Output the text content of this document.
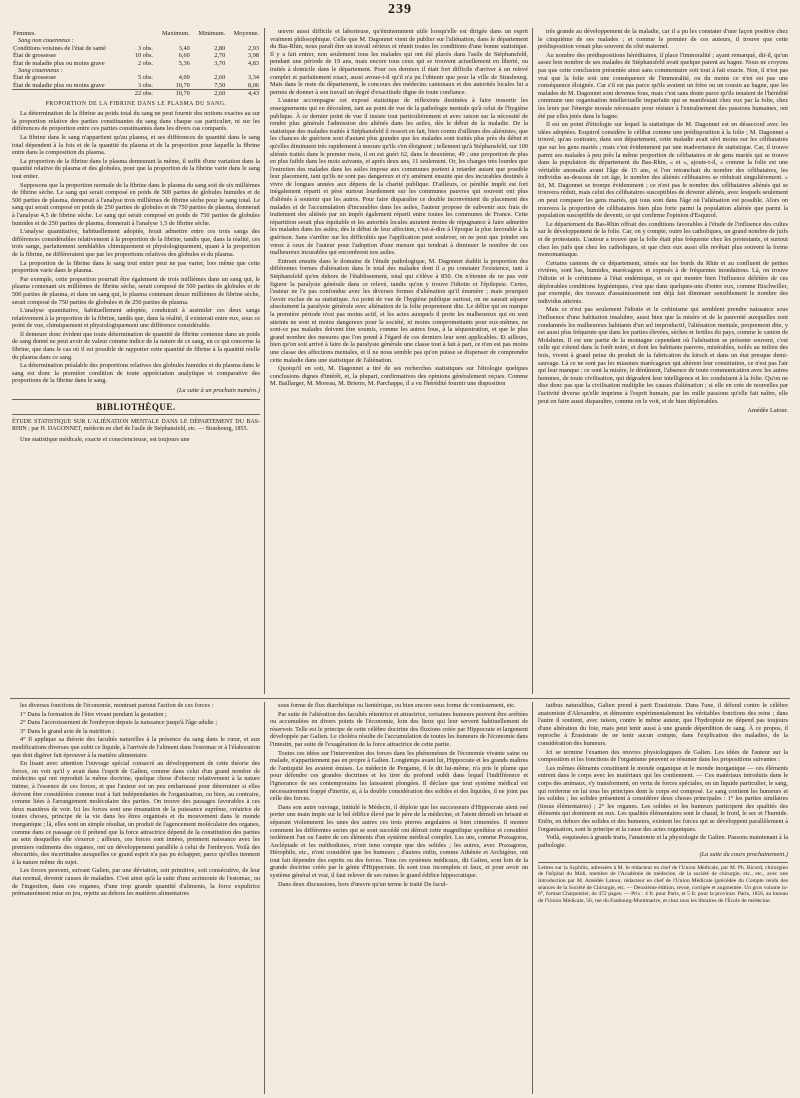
239
Femmes.		Maximum.	Minimum.	Moyenne.
Sang non couenneux :				
Conditions voisines de l'état de santé	3 obs.	3,40	2,80	2,93
État de grossesse	10 obs.	6,60	2,70	3,98
État de maladie plus ou moins grave	2 obs.	5,36	3,70	4,83
Sang couenneux :				
État de grossesse	5 obs.	4,00	2,60	3,34
État de maladie plus ou moins grave	3 obs.	10,70	7,50	8,06
	22 obs.	10,70	2,60	4,43
PROPORTION DE LA FIBRINE DANS LE PLASMA DU SANG.

La détermination de la fibrine au poids total du sang ne peut fournir des notions exactes au sur la proportion relative des parties constituantes du sang dans chaque cas particulier, ni sur les différences de proportion entre ces parties constituantes dans les divers cas comparés.

La fibrine dans le sang n'appartient qu'au plasma, et ses différences de quantité dans le sang total dépendent à la fois et de la quantité du plasma et de la proportion pour laquelle la fibrine entre dans la composition du plasma.

La proportion de la fibrine dans le plasma demeurant la même, il suffit d'une variation dans la quantité relative du plasma et des globules, pour que la proportion de la fibrine varie dans le sang tout entier.

Supposons que la proportion normale de la fibrine dans le plasma du sang soit de six millièmes de fibrine sèche. Le sang qui serait composé en poids de 500 parties de globules humides et de 500 parties de plasma, donnerait à l'analyse trois millièmes de fibrine sèche pour le sang total. Le sang qui serait composé en poids de 250 parties de globules et de 750 parties de plasma, donnerait à l'analyse 4,5 de fibrine sèche. Le sang qui serait composé en poids de 750 parties de globules humides et de 250 parties de plasma, donnerait à l'analyse 1,5 de fibrine sèche.

L'analyse quantitative, habituellement adoptée, ferait admettre entre ces trois sangs des différences considérables relativement à la proportion de la fibrine, tandis que, dans la réalité, ces trois sangs, parfaitement semblables chimiquement et physiologiquement, quant à la proportion de la fibrine, ne différeraient que par les proportions relatives des globules et du plasma.

La proportion de la fibrine dans le sang tout entier peut ne pas varier, lors même que cette proportion varie dans le plasma.

Par exemple, cette proportion pourrait être également de trois millièmes dans un sang qui, le plasma contenant six millièmes de fibrine sèche, serait composé de 500 parties de globules et de 500 parties de plasma, et dans un sang qui, le plasma contenant douze millièmes de fibrine sèche, serait composé de 750 parties de globules et de 250 parties de plasma.

L'analyse quantitative, habituellement adoptée, conduirait à assimiler ces deux sangs relativement à la proportion de la fibrine, tandis que, dans la réalité, il existerait entre eux, sous ce point de vue, chimiquement et physiologiquement une différence considérable.

Il demeure donc évident que toute détermination de quantité de fibrine contenue dans un poids de sang donné ne peut avoir de valeur comme indice de la nature de ce sang, en ce qui concerne la fibrine, que dans le cas où il est possible de rapporter cette quantité de fibrine à la quantité réelle du plasma dans ce sang.

La détermination préalable des proportions relatives des globules humides et du plasma dans le sang est donc la première condition de toute appréciation analytique et comparative des proportions de la fibrine dans le sang.

(La suite à un prochain numéro.)
BIBLIOTHÈQUE.
ÉTUDE STATISTIQUE SUR L'ALIÉNATION MENTALE DANS LE DÉPARTEMENT DU BAS-RHIN ; par H. DAGONNET, médecin en chef de l'asile de Stéphansfeld, etc. — Strasbourg, 1855.

Une statistique médicale, exacte et consciencieuse, est toujours une

œuvre aussi difficile et laborieuse, qu'éminemment utile lorsqu'elle est dirigée dans un esprit vraiment philosophique. Celle que M. Dagonnet vient de publier sur l'aliénation, dans le département du Bas-Rhin, nous paraît être un travail sérieux et réunit toutes les conditions d'une bonne statistique. Il y a fait entrer, non seulement tous les malades qui ont été placés dans l'asile de Stéphansfeld, pendant une période de 19 ans, mais encore tous ceux qui se trouvent actuellement en liberté, ou traités à domicile dans le département. Pour ces derniers il était fort difficile d'arriver à un relevé complet et parfaitement exact, aussi avoue-t-il qu'il n'a pu l'obtenir que pour la ville de Strasbourg. Mais dans le reste du département, le concours des médecins cantonaux et des autorités locales lui a permis de donner à son travail un degré d'exactitude digne de toute confiance.

L'auteur accompagne cet exposé statistique de réflexions destinées à faire ressortir les enseignements qui en découlent, tant au point de vue de la pathologie mentale qu'à celui de l'hygiène publique. À ce dernier point de vue il insiste tout particulièrement et avec raison sur la nécessité de rendre plus générale l'admission des aliénés dans les asiles, dès le début de la maladie. De la statistique des malades traités à Stéphansfeld il ressort en fait, bien connu d'ailleurs des aliénistes, que les chances de guérison sont d'autant plus grandes que les malades sont traités plus près du début et qu'elles diminuent très rapidement à mesure qu'ils s'en éloignent ; tellement qu'à Stéphansfeld, sur 100 aliénés traités dans le premier mois, il en est guéri 62, dans le deuxième, 49 ; une proportion de plus en plus faible dans les mois suivants, et après deux ans, 11 seulement. Or, les charges très lourdes que l'entretien des malades dans les asiles impose aux communes portent à retarder autant que possible leur placement, tant qu'ils ne sont pas dangereux et n'y amènent ensuite que des incurables destinés à vivre de longues années aux dépens de la charité publique. D'ailleurs, ce pénible impôt est fort inégalement réparti et pèse surtout lourdement sur les communes pauvres qui souvent ont plus d'aliénés à soutenir que les autres. Pour faire disparaître ce double inconvénient du placement des malades et de l'accumulation d'incurables dans les asiles, l'auteur propose de subvenir aux frais de traitement des aliénés par un impôt également réparti entre toutes les communes de France. Cette répartition serait plus équitable et les autorités locales auraient moins de répugnance à faire admettre les malades dans les asiles, dès le début de leur affection, c'est-à-dire à l'époque la plus favorable à la guérison. Sans s'arrêter sur les difficultés que l'application peut soulever, on ne peut que joindre ses vœux à ceux de l'auteur pour l'adoption d'une mesure qui tendrait à diminuer le nombre de ces malheureux incurables qui encombrent nos asiles.

Entrant ensuite dans le domaine de l'étude pathologique, M. Dagonnet établit la proportion des différentes formes d'aliénation dans le total des malades dont il a pu constater l'existence, tant à Stéphansfeld qu'en dehors de l'établissement, total qui s'élève à 850. On n'étonne de ne pas voir figurer la paralysie générale dans ce relevé, tandis qu'on y trouve l'idiotie et l'épilepsie. Certes, l'auteur ne l'a pas confondue avec les diverses formes d'aliénation qu'il énumère ; mais pourquoi l'avoir exclue de sa statistique. Au point de vue de l'hygiène publique surtout, on ne saurait séparer absolument la paralysie générale avec aliénation de la folie proprement dite. Le délire qui en marque la première période n'est pas moins actif, et les actes auxquels il porte les malheureux qui en sont atteints ne sont ni moins dangereux pour la société, ni moins compromettants pour eux-mêmes, ne sont-ce pas malades doivent être soumis, comme les autres fous, à la séquestration, et que le plus grand nombre des mesures que l'on prend à l'égard de ces derniers leur sont applicables. Et ailleurs, bien qu'on soit arrivé à faire de la paralysie générale une classe tout à fait à part, ce n'en est pas moins une classe des affections mentales, et il ne nous semble pas qu'on puisse se dispenser de comprendre cette maladie dans une statistique de l'aliénation.

Quoiqu'il en soit, M. Dagonnet a tiré de ses recherches statistiques sur l'étiologie quelques conclusions dignes d'intérêt, et, la plupart, confirmatives des opinions généralement reçues. Comme M. Baillarger, M. Moreau, M. Brierre, M. Parchappe, il a vu l'hérédité fournir une disposition

très grande au développement de la maladie, car il a pu les constater d'une façon positive chez le cinquième de ses malades ; et comme le premier de ces auteurs, il trouve que cette prédisposition venait plus souvent du côté maternel.

Au nombre des prédispositions héréditaires, il place l'immoralité ; ayant remarqué, dit-il, qu'un assez bon nombre de ses malades de Stéphansfeld avait quelque parent au bagne. Nous ne croyons pas que cette conclusion présentée ainsi sans commentaire soit tout à fait exacte. Non, il n'est pas vrai que la folie soit une conséquence de l'immoralité, ou du moins ce n'en est pas une conséquence éloignée. Car s'il est pas parce qu'ils avaient un frère ou un cousin au bagne, que les malades de M. Dagonnet sont devenus fous, mais c'est sans doute parce qu'ils tenaient de l'hérédité commune une organisation intellectuelle imparfaite qui se manifestait chez eux par la folie, chez les leurs par l'énergie morale nécessaire pour résister à l'entraînement des passions humaines, ont été par elles jetés dans le bagne.

Il est un point d'étiologie sur lequel la statistique de M. Dagonnet est en désaccord avec les idées adoptées. Esquirol considère le célibat comme une prédisposition à la folie ; M. Dagonnet a trouvé, qu'au contraire, dans son département, cette maladie avait sévi moins sur les célibataires que sur les gens mariés ; mais c'est évidemment par une inadvertance de statistique. Car, il trouve parmi ses malades à peu près la même proportion de célibataires et de gens mariés qui se trouve dans la population du département du Bas-Rhin, « et », ajoute-t-il, « comme la folie est une véritable anomalie avant l'âge de 15 ans, si l'on retranchait du nombre des célibataires, les individus au-dessous de cet âge, le nombre des aliénés célibataires se réduirait singulièrement. » Ici, M. Dagonnet se trompe évidemment ; ce n'est pas le nombre des célibataires aliénés qui se trouvera réduit, mais celui des célibataires susceptibles de devenir aliénés, avec lesquels seulement on peut comparer les gens mariés, qui tous sont dans l'âge où l'aliénation est possible. Alors on trouvera la proportion de célibataires bien plus forte parmi la population aliénée que parmi la population susceptible de devenir, ce qui confirme l'opinion d'Esquirol.

Le département du Bas-Rhin offrait des conditions favorables à l'étude de l'influence des cultes sur le développement de la folie. Car, on y compte, outre les catholiques, un grand nombre de juifs et de protestants. L'auteur a trouvé que la folie était plus fréquente chez les protestants, et surtout chez les juifs que chez les catholiques, et que chez eux aussi elle revêtait plus souvent la forme monomaniaque.

Certains cantons de ce département, situés sur les bords du Rhin et au confluent de petites rivières, sont bas, humides, marécageux et exposés à de fréquentes inondations. Là, on trouve l'idiotie et le crétinisme à l'état endémique, et ce qui montre bien l'influence délétère de ces déplorables conditions hygiéniques, c'est que dans quelques-uns d'entre eux, comme Bischwiller, par exemple, des travaux d'assainissement ont déjà fait diminuer sensiblement le nombre des individus atteints.

Mais ce n'est pas seulement l'idiotie et le crétinisme qui semblent prendre naissance sous l'influence d'une habitation insalubre, aussi bien que la misère et de la pauvreté auxquelles sont condamnés les malheureux habitants d'un sol improductif, l'aliénation mentale, proprement dite, y est aussi plus fréquente que dans les parties élevées, sèches et fertiles du pays, comme le canton de Molsheim. Il est une partie de la montagne cependant où l'aliénation se présente souvent, c'est celle qui s'étend dans la forêt noire, et dont les habitants pauvres, misérables, isolés au milieu des bois, vivent à grand peine du produit de la fabrication du kirsch et dans un état presque demi-sauvage. Là ce ne sont pas les miasmes marécageux qui altèrent leur constitution, ce n'est pas l'air qui leur manque : ce sont la misère, le dénûment, l'absence de toute communication avec les autres hommes, de toute civilisation, qui dégradent leur intelligence et les conduisent à la folie. Qu'on ne dise donc pas que la civilisation multiplie les causes d'aliénation ; si elle en crée de nouvelles par l'activité diverse qu'elle imprime à l'esprit humain, par les mille passions qu'elle fait naître, elle peut en faire aussi disparaître, comme on le voit, et de bien déplorables.

Amédée Latour.

les diverses fonctions de l'économie, montrant partout l'action de ces forces :

1° Dans la formation de l'être vivant pendant la gestation ;

2° Dans l'accroissement de l'embryon depuis la naissance jusqu'à l'âge adulte ;

3° Dans le grand acte de la nutrition ;

4° Il applique sa théorie des facultés naturelles à la présence du sang dans le cœur, et aux modifications diverses que subit ce liquide, à l'arrivée de l'aliment dans l'estomac et à l'élaboration que doit digérer fait éprouver à la matière alimentaire.

En lisant avec attention l'ouvrage spécial consacré au développement de cette théorie des forces, on voit qu'il y avait dans l'esprit de Galien, comme dans celui d'un grand nombre de médecins qui ont reproduit la même doctrine, quelque chose d'obscur relativement à la nature intime, à l'essence de ces forces, et que l'auteur est un peu embarrassé pour déterminer si elles doivent être considérées comme tout à fait indépendantes de l'organisation, ou bien, au contraire, comme liées à l'arrangement moléculaire des parties. On trouve des passages favorables à ces deux manières de voir. Ici les forces sont une émanation de la puissance suprême, créatrice de toutes choses, principe de la vie dans les êtres organisés et du mouvement dans le monde inorganique ; là, elles sont un simple résultat, un produit de l'agencement moléculaire des organes, comme dans ce passage où il prétend que la force attractrice dépend de la constitution des parties au sein desquelles elle s'exerce ; ailleurs, ces forces sont innées, prennent naissance avec les premiers rudiments des organes, ont un développement parallèle à celui de l'embryon. Voilà des obscurités, des incertitudes auxquelles ce grand esprit n'a pas pu échapper, parce qu'elles tiennent à la nature même du sujet.

Les forces peuvent, suivant Galien, par une déviation, soit primitive, soit consécutive, de leur état normal, devenir causes de maladies. C'est ainsi qu'à la suite d'une acrimonie de l'estomac, ou de l'ingestion, dans ces organes, d'une trop grande quantité d'aliments, la force expultrice prématurément mise en jeu, rejette au dehors les matières alimentaires

sous forme de flux diarrhéique ou lientérique, ou bien encore sous forme de vomissement, etc.

Par suite de l'altération des facultés rétentrice et attractrice, certaines humeurs peuvent être arrêtées ou accumulées en divers points de l'économie, loin des lieux qui leur servent habituellement de réservoir. Telle est le principe de cette célèbre doctrine des fluxions créée par Hippocrate et largement développée par Galien. Le choléra résulte de l'accumulation de toutes les humeurs de l'économie dans l'intestin, par suite de l'exagération de la force attractrice de cette partie.

Toutes ces idées sur l'intervention des forces dans les phénomènes de l'économie vivante saine ou malade, n'appartiennent pas en propre à Galien. Longtemps avant lui, Hippocrate et les grands maîtres de l'antiquité les avaient émises. Le médecin de Pergame, il le dit lui-même, n'a pris le plume que pour défendre ces grandes doctrines et les tirer du profond oubli dans lequel l'indifférence et l'ignorance de ses contemporains les laissaient plongées. Il déclare que tout système médical est nécessairement frappé d'inertie, si, à la double considération des solides et des liquides, il ne joint pas celle des forces.

Dans son autre ouvrage, intitulé le Médecin, il déploie que les successeurs d'Hippocrate aient osé porter une main impie sur le bel édifice élevé par le père de la médecine, et l'aient démoli en brisant et séparant violemment les unes des autres ces trois pierres angulaires si bien cimentées. Il montre comment les différentes sectes qui se sont succédé ont détruit cette magnifique synthèse et considéré isolément l'un ou l'autre de ces éléments d'un système médical complet. Les uns, comme Praxagoras, Asclépiade et les méthodistes, n'ont tenu compte que des solides ; les autres, avec Praxagoras, Hérophile, etc., n'ont considéré que les humeurs ; d'autres enfin, comme Athénée et Archigène, ont tout fait dépendre des esprits ou des forces. Tous ces systèmes médicaux, dit Galien, sont loin de la grande doctrine créée par le génie d'Hippocrate. Ils sont tous incomplets et faux, et pour avoir un système général et vrai, il faut relever de ses ruines le grand édifice hippocratique.

Dans deux discussions, hors d'œuvre qu'un terme le traité De facul-

tatibus naturalibus, Galien prend à parti Érasistrate. Dans l'une, il défend contre le célèbre anatomiste d'Alexandrie, et démontre expérimentalement les véritables fonctions des reins ; dans l'autre il soutient, avec raison, contre le même auteur, que l'hydropisie ne dépend pas toujours d'une altération du foie, mais peut tenir aussi à une grande déperdition de sang. À ce propos, il reproche à Érasistrate de ne tenir aucun compte, dans l'explication des maladies, de la considération des humeurs.

Ici se termine l'examen des œuvres physiologiques de Galien. Les idées de l'auteur sur la composition et les fonctions de l'organisme peuvent se résumer dans les propositions suivantes :

Les mêmes éléments constituent le monde organique et le monde inorganique — ces éléments entrent dans le corps avec les matériaux qui les contiennent. — Ces matériaux introduits dans le corps des animaux, s'y transforment, en vertu de forces spéciales, en un liquide particulier, le sang, qui renferme en lui tous les principes dont le corps est composé. Le sang contient les humeurs et les solides ; les solides présentent à considérer deux choses principales : 1° les parties similaires (tissus élémentaires) ; 2° les organes. Les solides et les humeurs participent des qualités des éléments qui dominent en eux. Les qualités élémentaires sont le chaud, le froid, le sec et l'humide. Enfin, en dehors des solides et des humeurs, existent les forces qui se développent parallèlement à l'organisation, sont le principe et la cause des actes organiques.

Voilà, esquissées à grands traits, l'anatomie et la physiologie de Galien. Passons maintenant à la pathologie.

(La suite du cours prochainement.)
Lettres sur la Syphilis, adressées à M. le rédacteur en chef de l'Union Médicale, par M. Ph. Ricord, chirurgien de l'hôpital du Midi, membre de l'Académie de médecine, de la société de chirurgie, etc., etc., avec une Introduction par M. Amédée Latour, rédacteur en chef de l'Union Médicale (précédée du Compte rendu des séances de la Société de Chirurgie, etc. — Deuxième édition, revue, corrigée et augmentée. Un gros volume in-8°, format Charpentier, de 472 pages. — Prix : 4 fr. pour Paris, et 5 fr. pour la province. Paris, 1856, au bureau de l'Union Médicale, 56, rue du Faubourg-Montmartre, et chez tous les libraires de l'École de médecine.
